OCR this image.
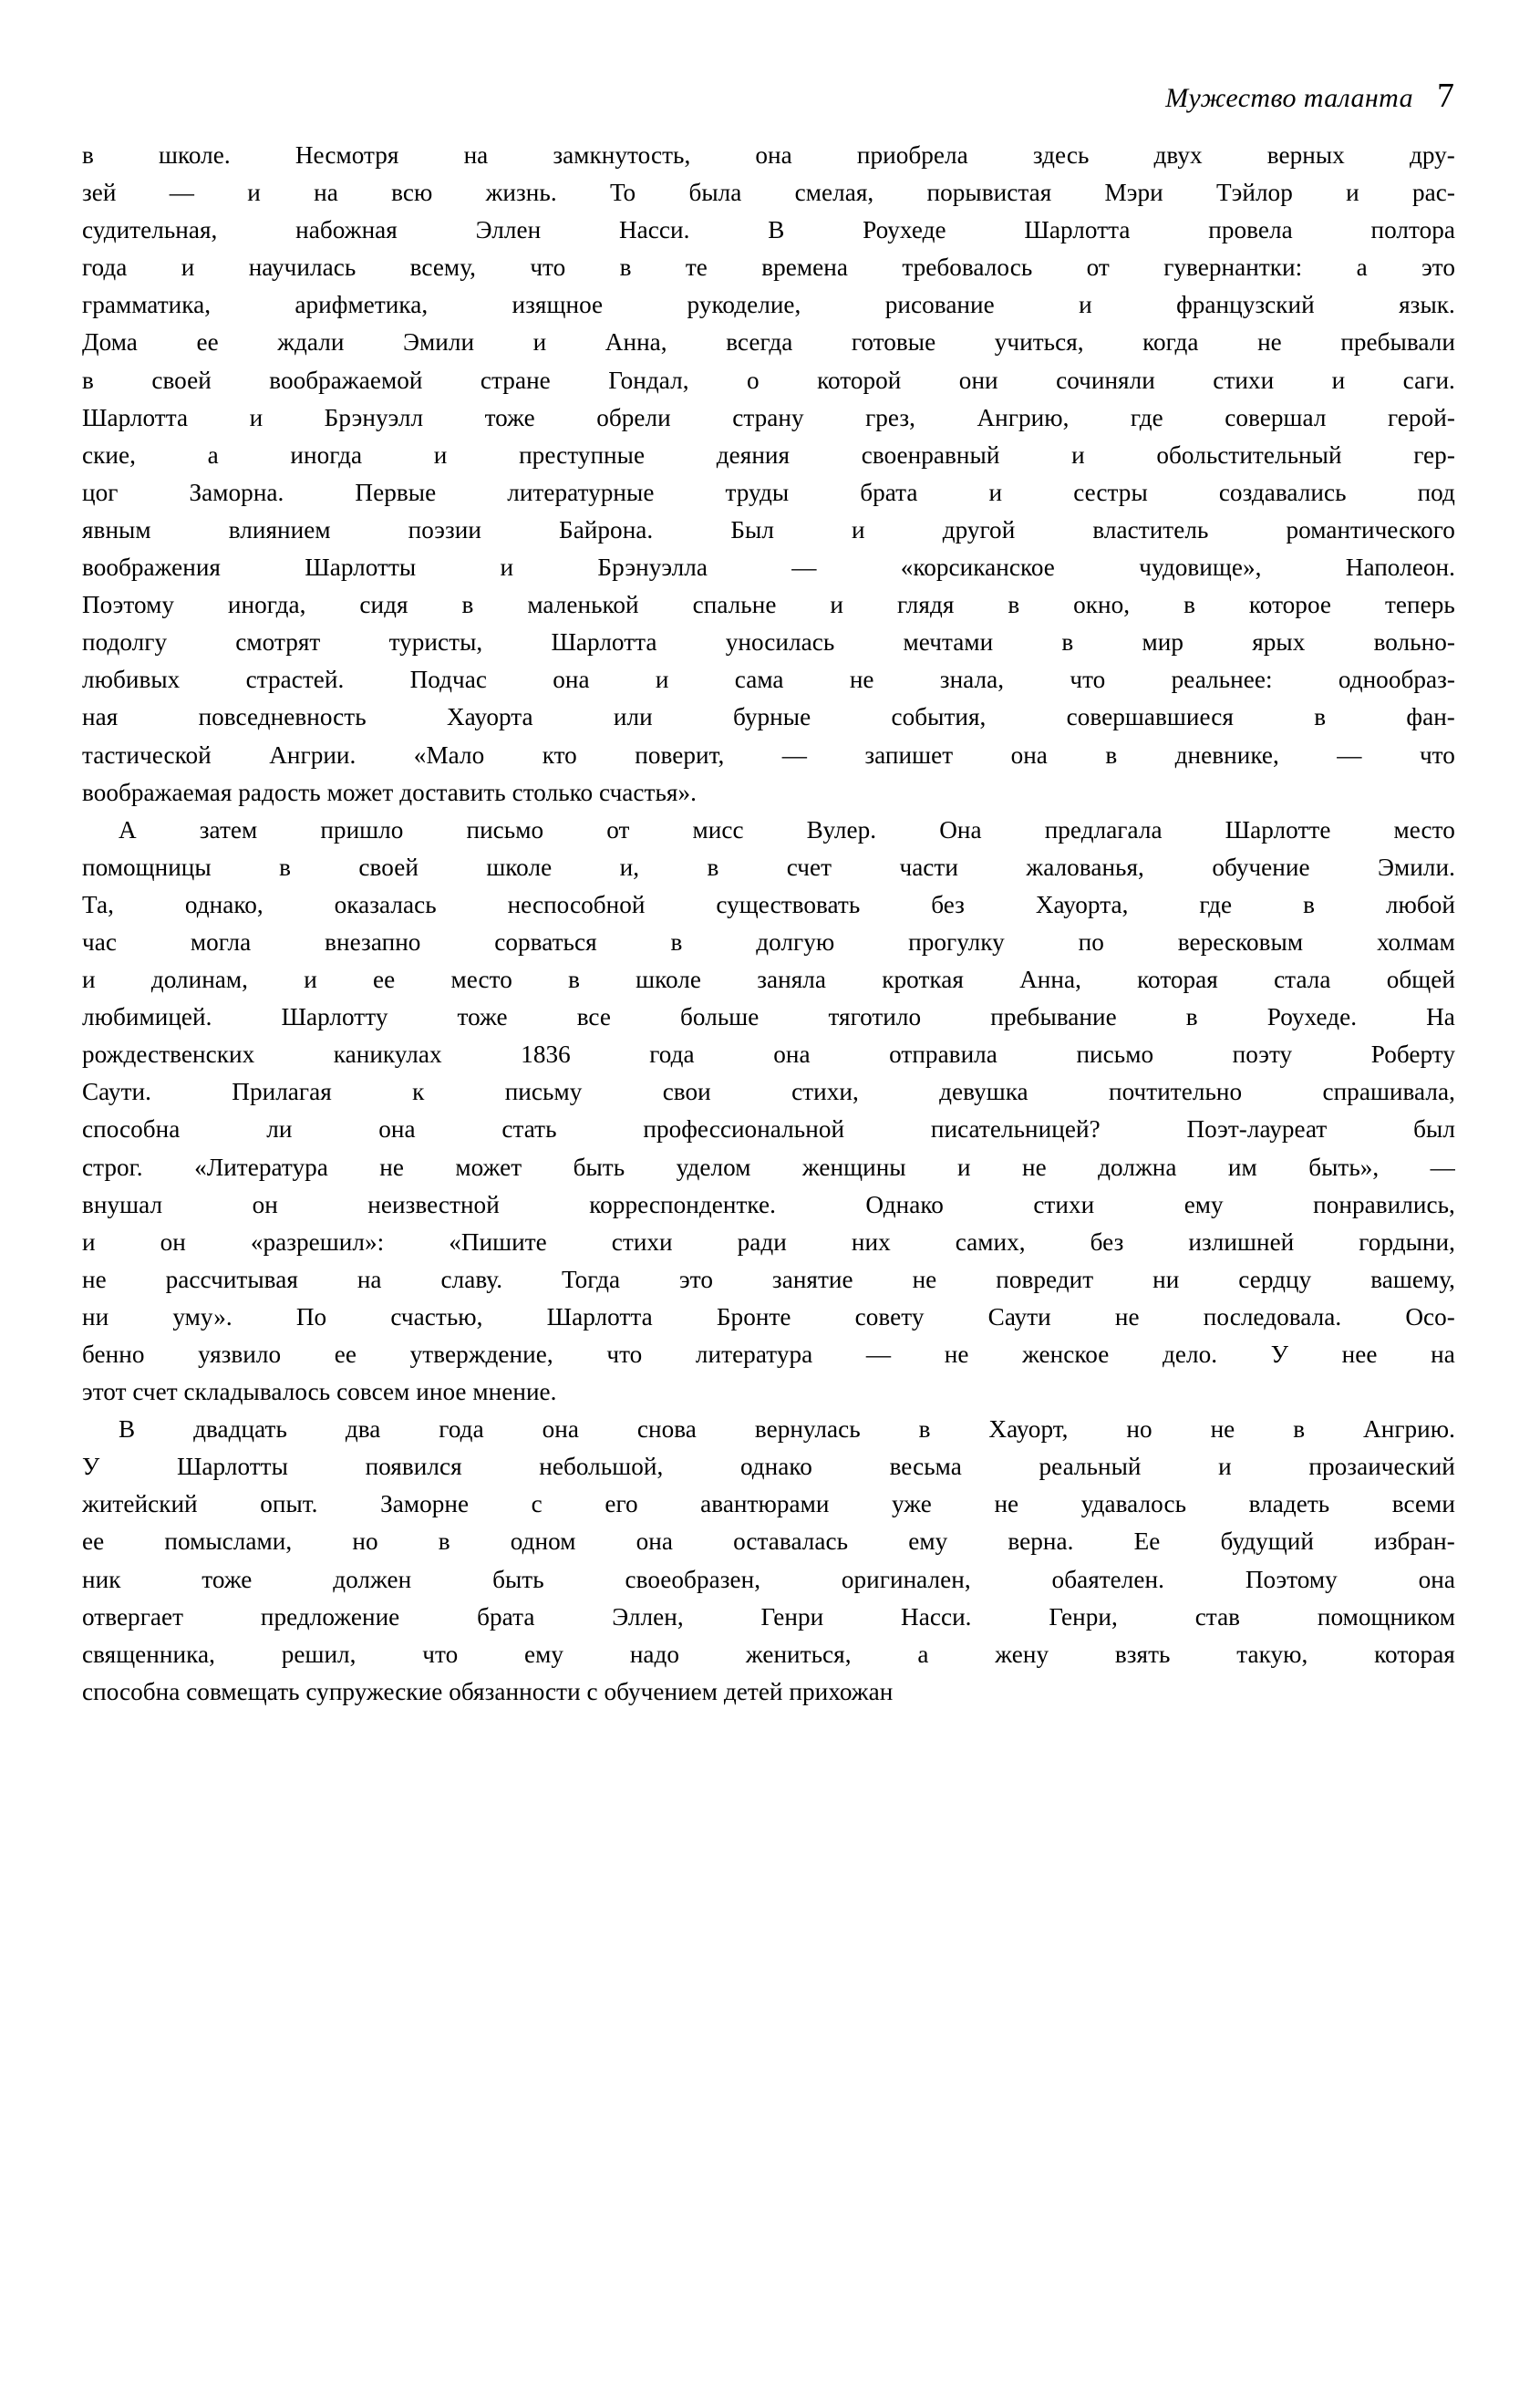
Мужество таланта 7

в	школе.	Несмотря	на	замкнутость,	она	приобрела	здесь	двух	верных	дру-
зей — и на всю жизнь. То была смелая, порывистая Мэри Тэйлор и рас-
судительная,	набожная	Эллен	Насси.	В	Роухеде	Шарлотта	провела	полтора
года и научилась всему, что в те времена требовалось от гувернантки: а это
грамматика,	арифметика,	изящное	рукоделие,	рисование	и	французский	язык.
Дома ее ждали Эмили и Анна, всегда готовые учиться, когда не пребывали
в своей воображаемой стране Гондал, о которой они сочиняли стихи и саги.
Шарлотта и Брэнуэлл тоже обрели страну грез, Ангрию, где совершал герой-
ские,	а	иногда	и	преступные	деяния	своенравный	и	обольстительный	гер-
цог	Заморна.	Первые	литературные	труды	брата	и	сестры	создавались	под
явным	влиянием	поэзии	Байрона.	Был	и	другой	властитель	романтического
воображения	Шарлотты	и	Брэнуэлла	—	«корсиканское	чудовище»,	Наполеон.
Поэтому иногда, сидя в маленькой спальне и глядя в окно, в которое теперь
подолгу	смотрят	туристы,	Шарлотта	уносилась	мечтами	в	мир	ярых	вольно-
любивых	страстей.	Подчас	она	и	сама	не	знала,	что	реальнее:	однообраз-
ная	повседневность	Хауорта	или	бурные	события,	совершавшиеся	в	фан-
тастической Ангрии. «Мало кто поверит, — запишет она в дневнике, — что
воображаемая радость может доставить столько счастья».

А	затем	пришло	письмо	от	мисс	Вулер.	Она	предлагала	Шарлотте	место
помощницы	в	своей	школе	и,	в	счет	части	жалованья,	обучение	Эмили.
Та,	однако,	оказалась	неспособной	существовать	без	Хауорта,	где	в	любой
час	могла	внезапно	сорваться	в	долгую	прогулку	по	вересковым	холмам
и долинам, и ее место в школе заняла кроткая Анна, которая стала общей
любимицей.	Шарлотту	тоже	все	больше	тяготило	пребывание	в	Роухеде.	На
рождественских	каникулах	1836	года	она	отправила	письмо	поэту	Роберту
Саути.	Прилагая	к	письму	свои	стихи,	девушка	почтительно	спрашивала,
способна	ли	она	стать	профессиональной	писательницей?	Поэт-лауреат	был
строг. «Литература не может быть уделом женщины и не должна им быть», —
внушал	он	неизвестной	корреспондентке.	Однако	стихи	ему	понравились,
и	он	«разрешил»:	«Пишите	стихи	ради	них	самих,	без	излишней	гордыни,
не рассчитывая на славу. Тогда это занятие не повредит ни сердцу вашему,
ни	уму».	По	счастью,	Шарлотта	Бронте	совету	Саути	не	последовала.	Осо-
бенно уязвило ее утверждение, что литература — не женское дело. У нее на
этот счет складывалось совсем иное мнение.

В двадцать два года она снова вернулась в Хауорт, но не в Ангрию.
У	Шарлотты	появился	небольшой,	однако	весьма	реальный	и	прозаический
житейский	опыт.	Заморне	с	его	авантюрами	уже	не	удавалось	владеть	всеми
ее помыслами, но в одном она оставалась ему верна. Ее будущий избран-
ник	тоже	должен	быть	своеобразен,	оригинален,	обаятелен.	Поэтому	она
отвергает	предложение	брата	Эллен,	Генри	Насси.	Генри,	став	помощником
священника,	решил,	что	ему	надо	жениться,	а	жену	взять	такую,	которая
способна совмещать супружеские обязанности с обучением детей прихожан
